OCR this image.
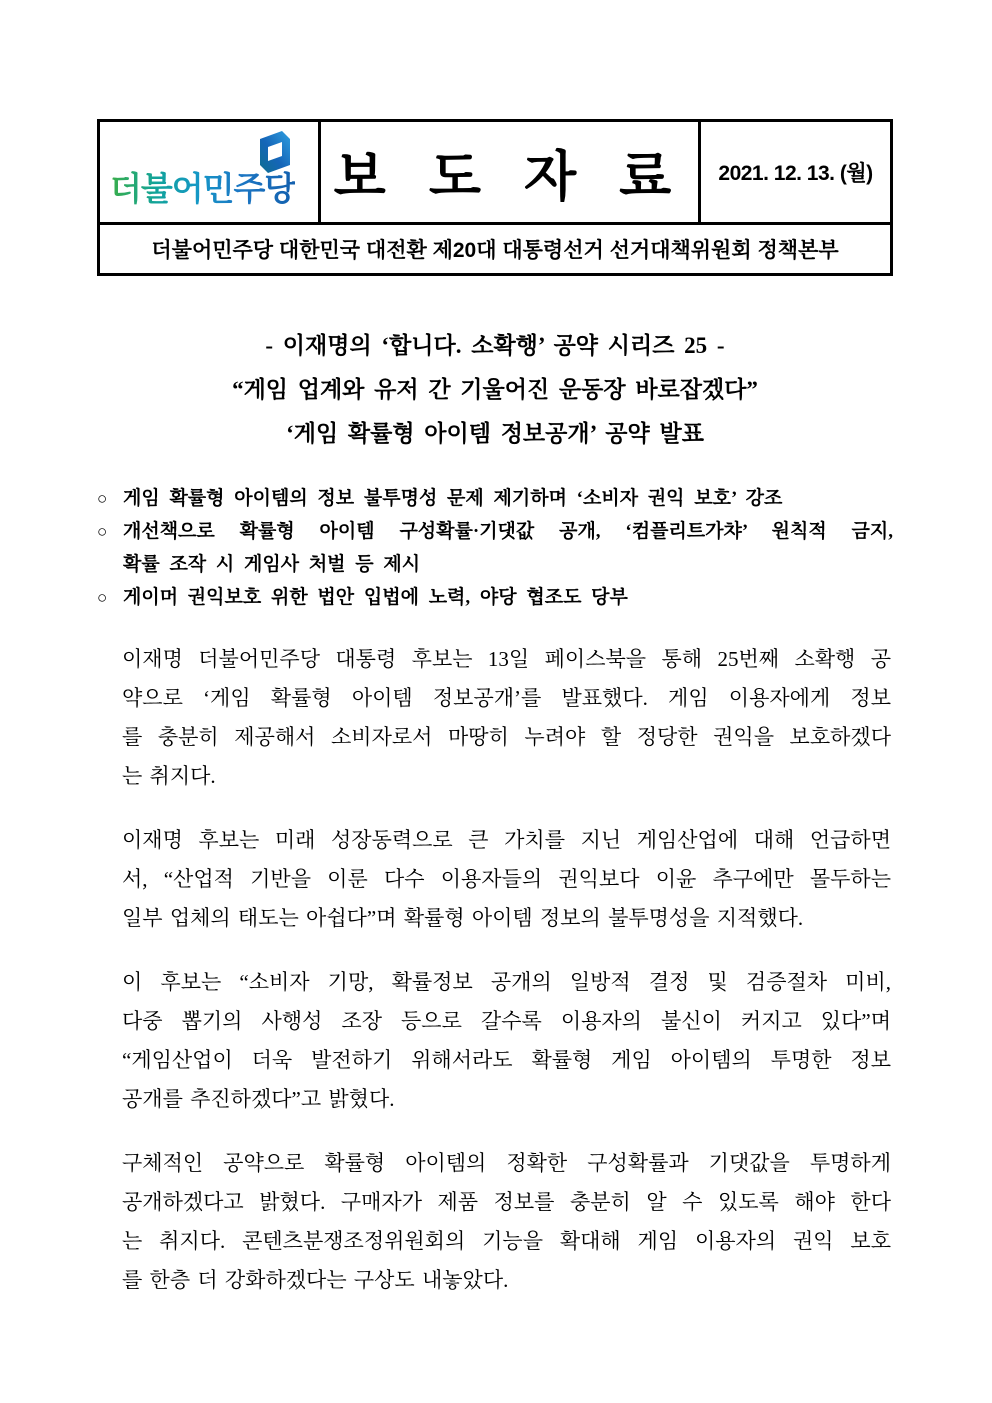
더불어민주당 보 도 자 료	2021. 12. 13. (월)
더불어민주당 대한민국 대전환 제20대 대통령선거 선거대책위원회 정책본부
- 이재명의 ‘합니다. 소확행’ 공약 시리즈 25 -
“게임 업계와 유저 간 기울어진 운동장 바로잡겠다”
‘게임 확률형 아이템 정보공개’ 공약 발표
○ 게임 확률형 아이템의 정보 불투명성 문제 제기하며 ‘소비자 권익 보호’ 강조
○ 개선책으로 확률형 아이템 구성확률·기댓값 공개, ‘컴플리트가챠’ 원칙적 금지,
확률 조작 시 게임사 처벌 등 제시
○ 게이머 권익보호 위한 법안 입법에 노력, 야당 협조도 당부
이재명 더불어민주당 대통령 후보는 13일 페이스북을 통해 25번째 소확행 공
약으로 ‘게임 확률형 아이템 정보공개’를 발표했다. 게임 이용자에게 정보
를 충분히 제공해서 소비자로서 마땅히 누려야 할 정당한 권익을 보호하겠다
는 취지다.
이재명 후보는 미래 성장동력으로 큰 가치를 지닌 게임산업에 대해 언급하면
서, “산업적 기반을 이룬 다수 이용자들의 권익보다 이윤 추구에만 몰두하는
일부 업체의 태도는 아쉽다”며 확률형 아이템 정보의 불투명성을 지적했다.
이 후보는 “소비자 기망, 확률정보 공개의 일방적 결정 및 검증절차 미비,
다중 뽑기의 사행성 조장 등으로 갈수록 이용자의 불신이 커지고 있다”며
“게임산업이 더욱 발전하기 위해서라도 확률형 게임 아이템의 투명한 정보
공개를 추진하겠다”고 밝혔다.
구체적인 공약으로 확률형 아이템의 정확한 구성확률과 기댓값을 투명하게
공개하겠다고 밝혔다. 구매자가 제품 정보를 충분히 알 수 있도록 해야 한다
는 취지다. 콘텐츠분쟁조정위원회의 기능을 확대해 게임 이용자의 권익 보호
를 한층 더 강화하겠다는 구상도 내놓았다.
